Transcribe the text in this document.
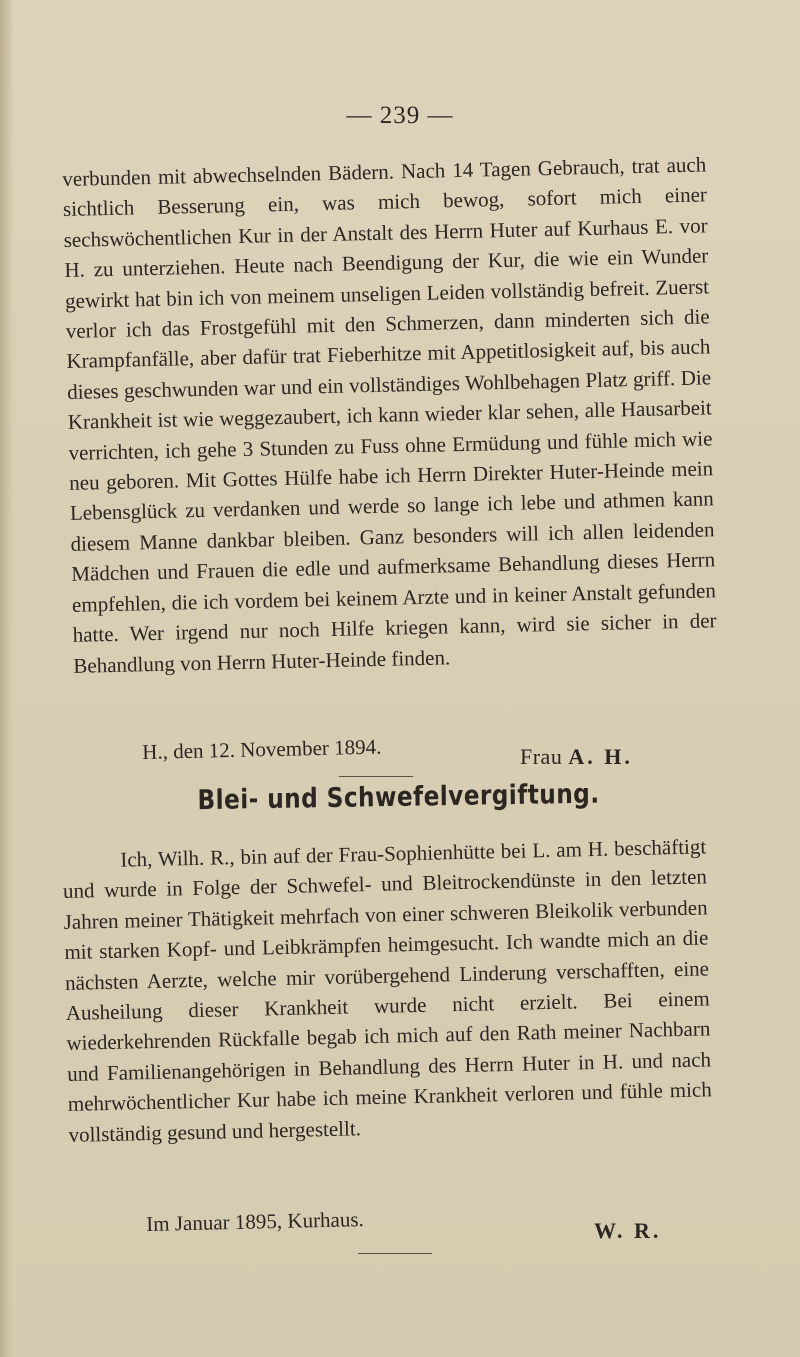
— 239 —

verbunden mit abwechselnden Bädern. Nach 14 Tagen Gebrauch, trat auch sichtlich Besserung ein, was mich bewog, sofort mich einer sechswöchentlichen Kur in der Anstalt des Herrn Huter auf Kurhaus E. vor H. zu unterziehen. Heute nach Beendigung der Kur, die wie ein Wunder gewirkt hat bin ich von meinem unseligen Leiden vollständig befreit. Zuerst verlor ich das Frostgefühl mit den Schmerzen, dann minderten sich die Krampfanfälle, aber dafür trat Fieberhitze mit Appetitlosigkeit auf, bis auch dieses geschwunden war und ein vollständiges Wohlbehagen Platz griff. Die Krankheit ist wie weggezaubert, ich kann wieder klar sehen, alle Hausarbeit verrichten, ich gehe 3 Stunden zu Fuss ohne Ermüdung und fühle mich wie neu geboren. Mit Gottes Hülfe habe ich Herrn Direkter Huter-Heinde mein Lebensglück zu verdanken und werde so lange ich lebe und athmen kann diesem Manne dankbar bleiben. Ganz besonders will ich allen leidenden Mädchen und Frauen die edle und aufmerksame Behandlung dieses Herrn empfehlen, die ich vordem bei keinem Arzte und in keiner Anstalt gefunden hatte. Wer irgend nur noch Hilfe kriegen kann, wird sie sicher in der Behandlung von Herrn Huter-Heinde finden.

H., den 12. November 1894.	Frau A. H.
Blei- und Schwefelvergiftung.

Ich, Wilh. R., bin auf der Frau-Sophienhütte bei L. am H. beschäftigt und wurde in Folge der Schwefel- und Bleitrockendünste in den letzten Jahren meiner Thätigkeit mehrfach von einer schweren Bleikolik verbunden mit starken Kopf- und Leibkrämpfen heimgesucht. Ich wandte mich an die nächsten Aerzte, welche mir vorübergehend Linderung verschafften, eine Ausheilung dieser Krankheit wurde nicht erzielt. Bei einem wiederkehrenden Rückfalle begab ich mich auf den Rath meiner Nachbarn und Familienangehörigen in Behandlung des Herrn Huter in H. und nach mehrwöchentlicher Kur habe ich meine Krankheit verloren und fühle mich vollständig gesund und hergestellt.

Im Januar 1895, Kurhaus.	W. R.
